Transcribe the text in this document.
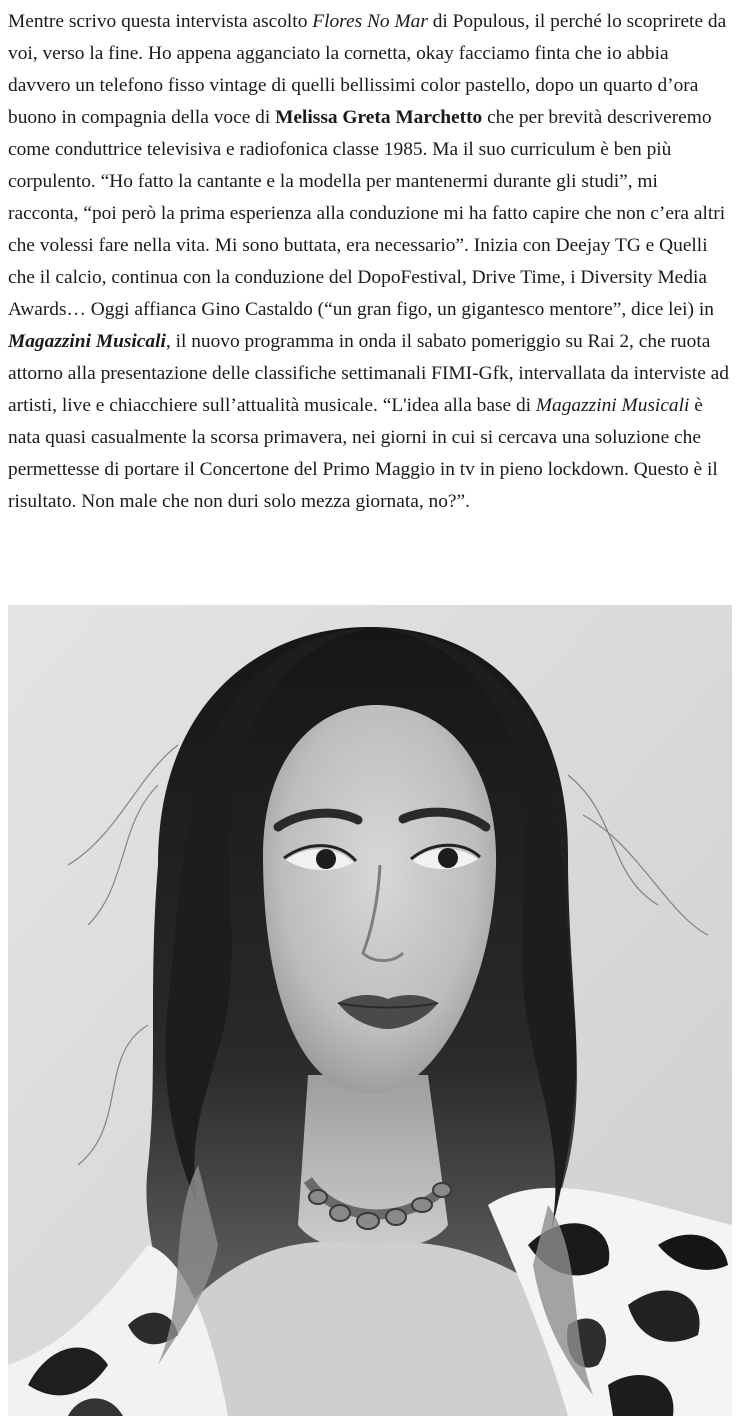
Mentre scrivo questa intervista ascolto Flores No Mar di Populous, il perché lo scoprirete da voi, verso la fine. Ho appena agganciato la cornetta, okay facciamo finta che io abbia davvero un telefono fisso vintage di quelli bellissimi color pastello, dopo un quarto d’ora buono in compagnia della voce di Melissa Greta Marchetto che per brevità descriveremo come conduttrice televisiva e radiofonica classe 1985. Ma il suo curriculum è ben più corpulento. “Ho fatto la cantante e la modella per mantenermi durante gli studi”, mi racconta, “poi però la prima esperienza alla conduzione mi ha fatto capire che non c’era altri che volessi fare nella vita. Mi sono buttata, era necessario”. Inizia con Deejay TG e Quelli che il calcio, continua con la conduzione del DopoFestival, Drive Time, i Diversity Media Awards… Oggi affianca Gino Castaldo (“un gran figo, un gigantesco mentore”, dice lei) in Magazzini Musicali, il nuovo programma in onda il sabato pomeriggio su Rai 2, che ruota attorno alla presentazione delle classifiche settimanali FIMI-Gfk, intervallata da interviste ad artisti, live e chiacchiere sull’attualità musicale. “L'idea alla base di Magazzini Musicali è nata quasi casualmente la scorsa primavera, nei giorni in cui si cercava una soluzione che permettesse di portare il Concertone del Primo Maggio in tv in pieno lockdown. Questo è il risultato. Non male che non duri solo mezza giornata, no?”.
